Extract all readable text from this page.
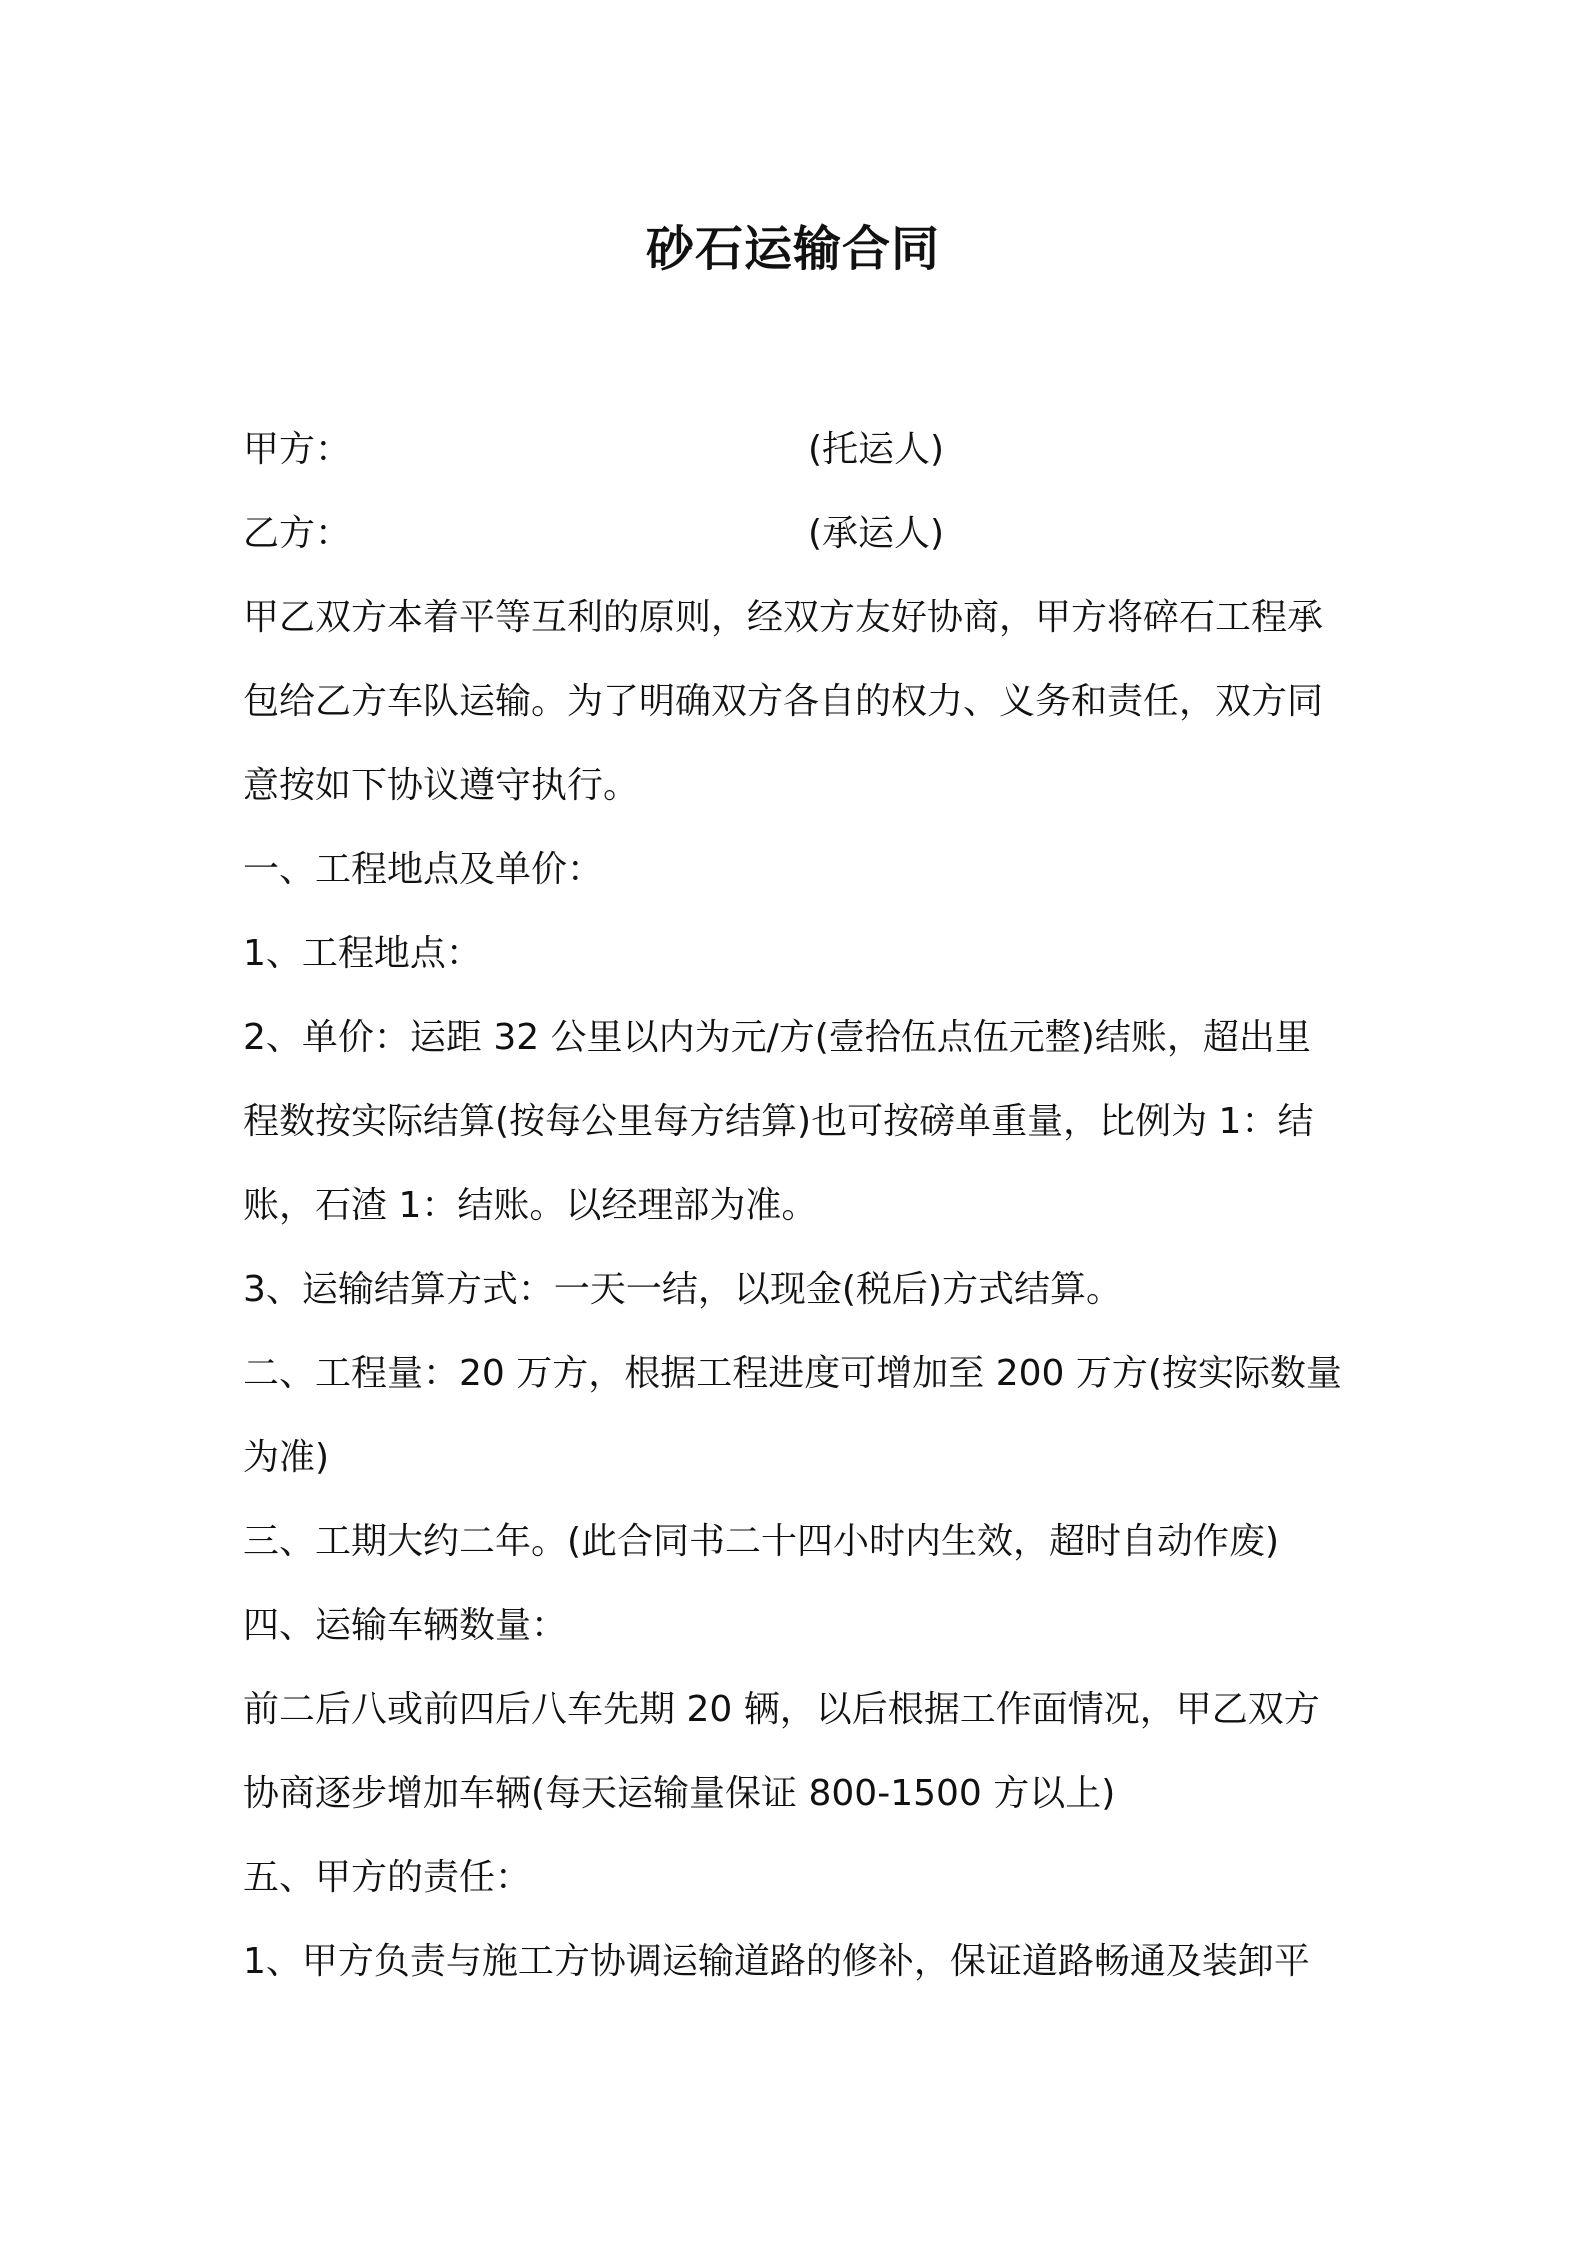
砂石运输合同
甲方：	(托运人)
乙方：	(承运人)
甲乙双方本着平等互利的原则，经双方友好协商，甲方将碎石工程承
包给乙方车队运输。为了明确双方各自的权力、义务和责任，双方同
意按如下协议遵守执行。
一、工程地点及单价：
1、工程地点：
2、单价：运距 32 公里以内为元/方(壹拾伍点伍元整)结账，超出里
程数按实际结算(按每公里每方结算)也可按磅单重量，比例为 1：结
账，石渣 1：结账。以经理部为准。
3、运输结算方式：一天一结，以现金(税后)方式结算。
二、工程量：20 万方，根据工程进度可增加至 200 万方(按实际数量
为准)
三、工期大约二年。(此合同书二十四小时内生效，超时自动作废)
四、运输车辆数量：
前二后八或前四后八车先期 20 辆，以后根据工作面情况，甲乙双方
协商逐步增加车辆(每天运输量保证 800-1500 方以上)
五、甲方的责任：
1、甲方负责与施工方协调运输道路的修补，保证道路畅通及装卸平
